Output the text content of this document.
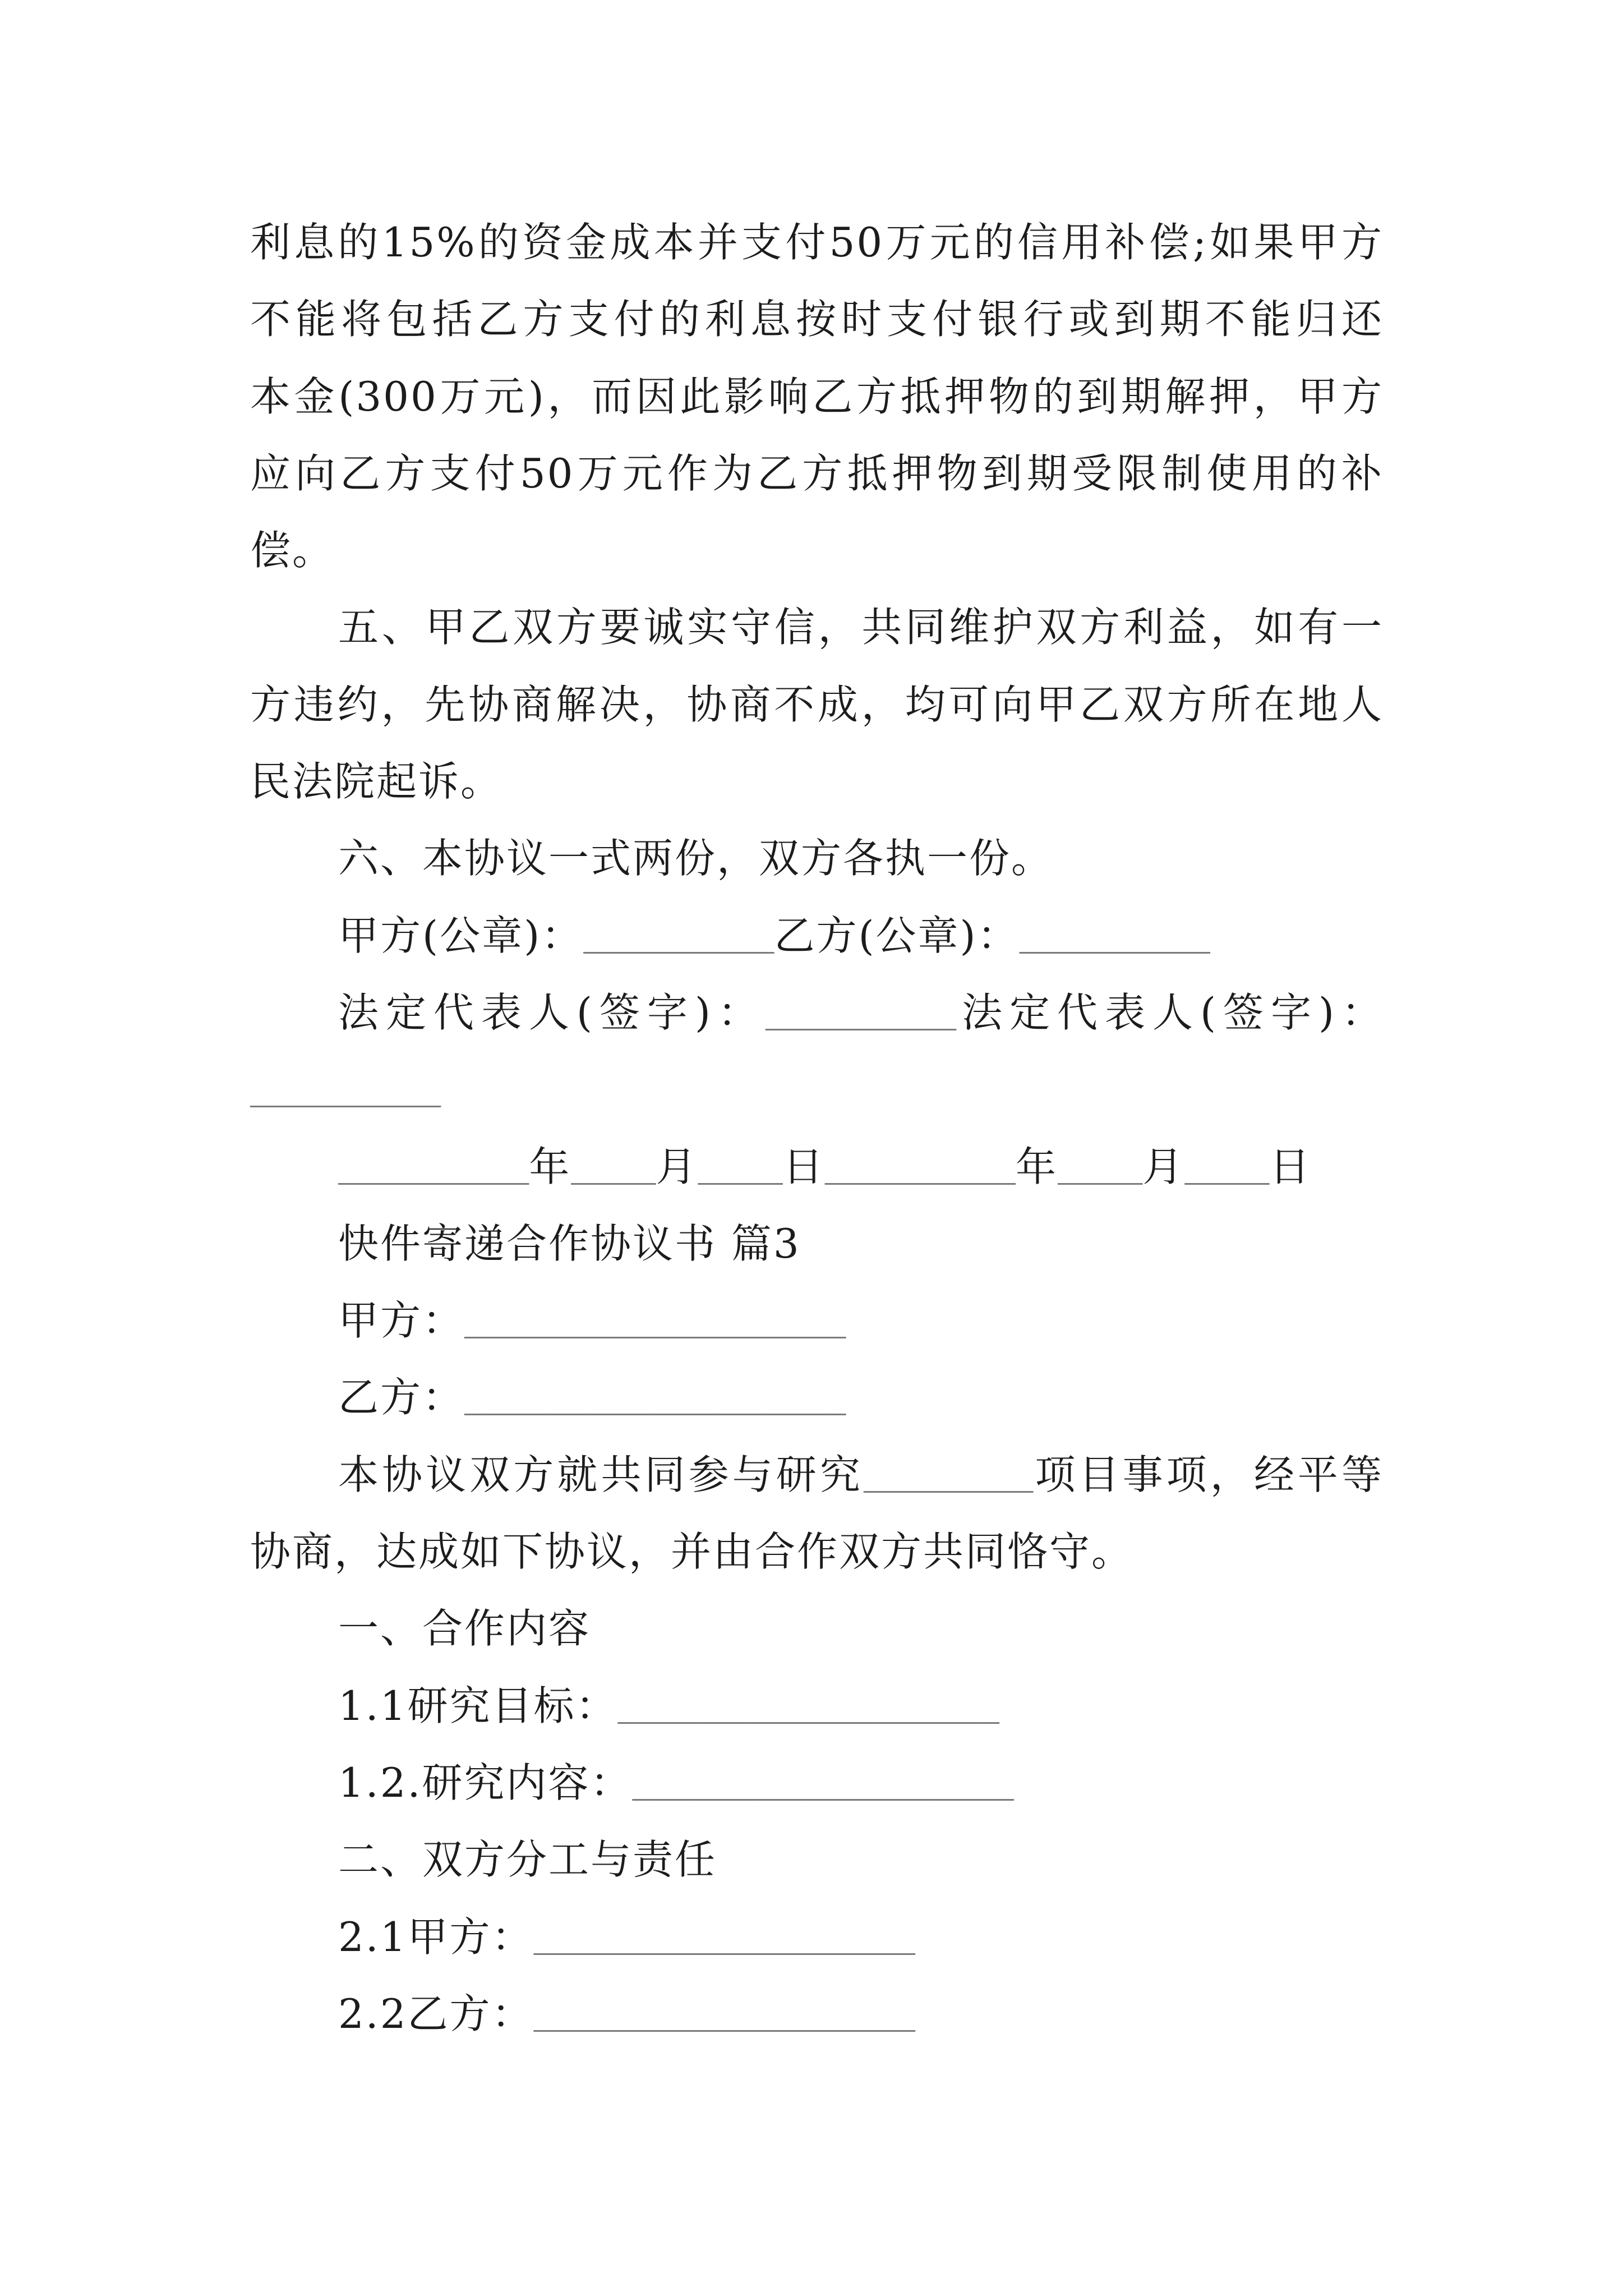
利息的15%的资金成本并支付50万元的信用补偿;如果甲方
不能将包括乙方支付的利息按时支付银行或到期不能归还
本金(300万元)，而因此影响乙方抵押物的到期解押，甲方
应向乙方支付50万元作为乙方抵押物到期受限制使用的补
偿。
五、甲乙双方要诚实守信，共同维护双方利益，如有一
方违约，先协商解决，协商不成，均可向甲乙双方所在地人
民法院起诉。
六、本协议一式两份，双方各执一份。
甲方(公章)：_________乙方(公章)：_________
法定代表人(签字)：_________法定代表人(签字)：
_________
_________年____月____日_________年____月____日
快件寄递合作协议书 篇3
甲方：__________________
乙方：__________________
本协议双方就共同参与研究________项目事项，经平等
协商，达成如下协议，并由合作双方共同恪守。
一、合作内容
1.1研究目标：__________________
1.2.研究内容：__________________
二、双方分工与责任
2.1甲方：__________________
2.2乙方：__________________
